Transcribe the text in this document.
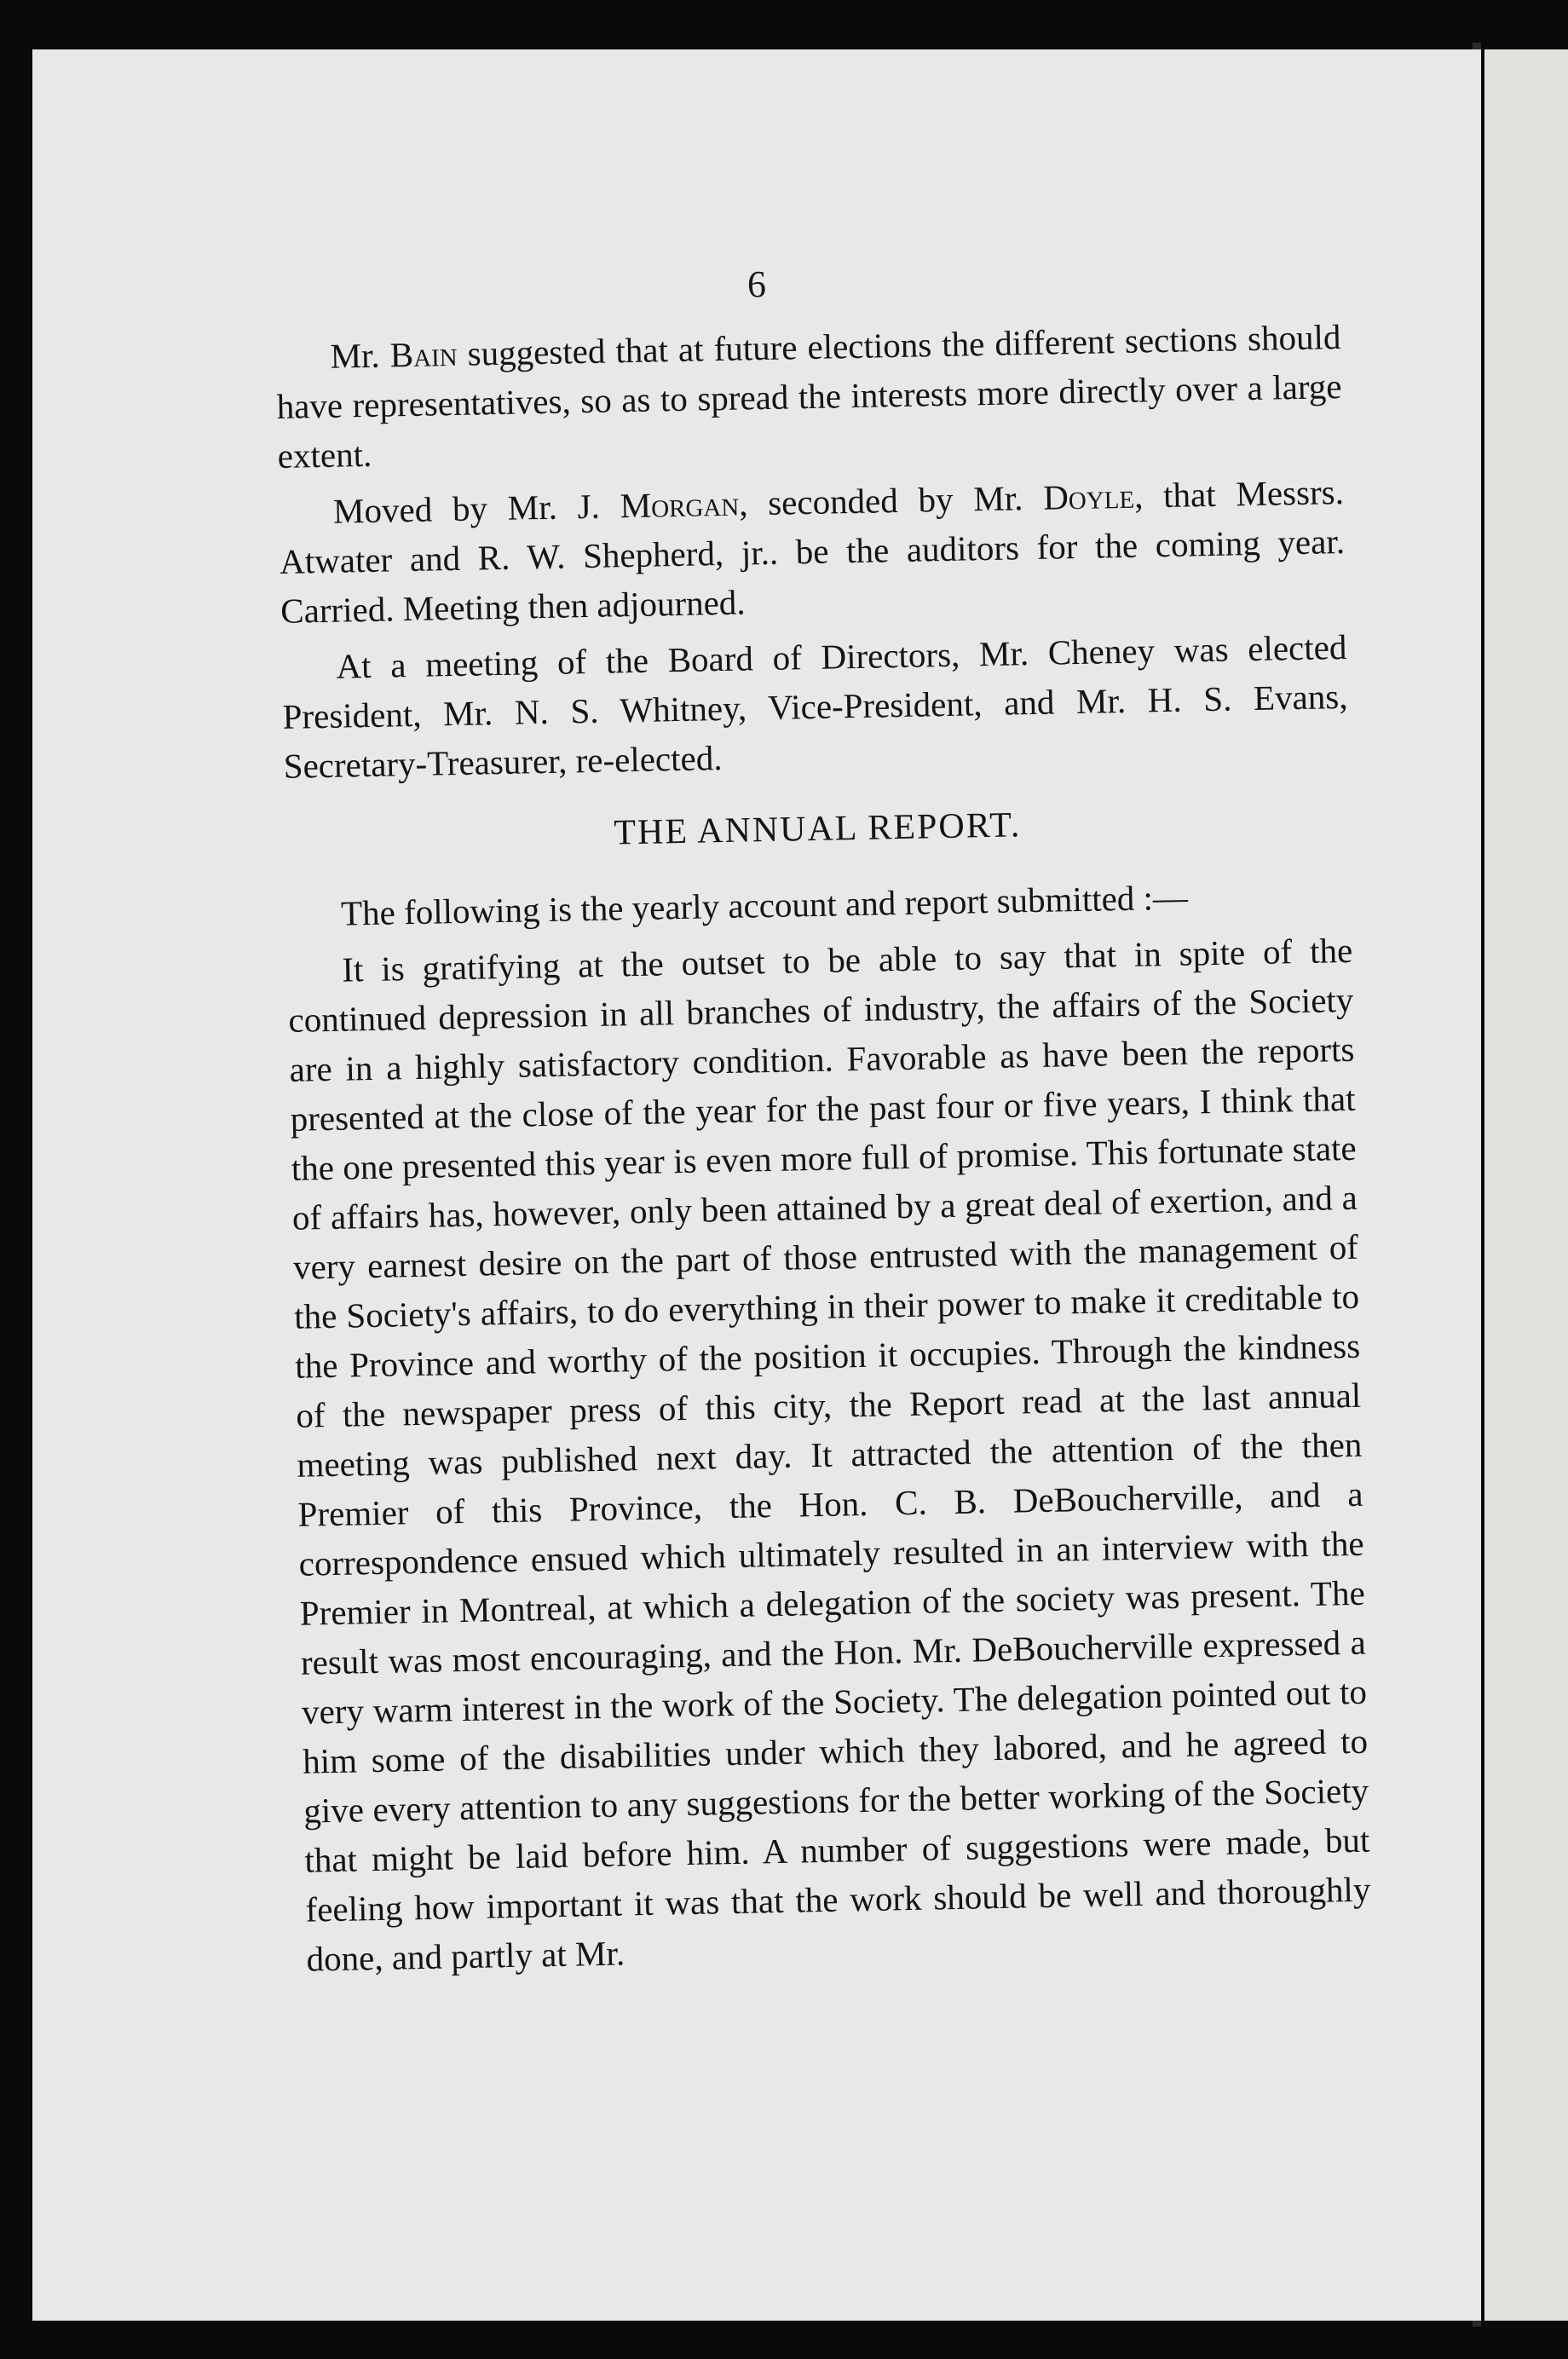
6

Mr. Bain suggested that at future elections the different sections should have representatives, so as to spread the interests more directly over a large extent.

Moved by Mr. J. Morgan, seconded by Mr. Doyle, that Messrs. Atwater and R. W. Shepherd, jr.. be the auditors for the coming year. Carried. Meeting then adjourned.

At a meeting of the Board of Directors, Mr. Cheney was elected President, Mr. N. S. Whitney, Vice-President, and Mr. H. S. Evans, Secretary-Treasurer, re-elected.

THE ANNUAL REPORT.

The following is the yearly account and report submitted :—

It is gratifying at the outset to be able to say that in spite of the continued depression in all branches of industry, the affairs of the Society are in a highly satisfactory condition. Favorable as have been the reports presented at the close of the year for the past four or five years, I think that the one presented this year is even more full of promise. This fortunate state of affairs has, however, only been attained by a great deal of exertion, and a very earnest desire on the part of those entrusted with the management of the Society's affairs, to do everything in their power to make it creditable to the Province and worthy of the position it occupies. Through the kindness of the newspaper press of this city, the Report read at the last annual meeting was published next day. It attracted the attention of the then Premier of this Province, the Hon. C. B. DeBoucherville, and a correspondence ensued which ultimately resulted in an interview with the Premier in Montreal, at which a delegation of the society was present. The result was most encouraging, and the Hon. Mr. DeBoucherville expressed a very warm interest in the work of the Society. The delegation pointed out to him some of the disabilities under which they labored, and he agreed to give every attention to any suggestions for the better working of the Society that might be laid before him. A number of suggestions were made, but feeling how important it was that the work should be well and thoroughly done, and partly at Mr.
